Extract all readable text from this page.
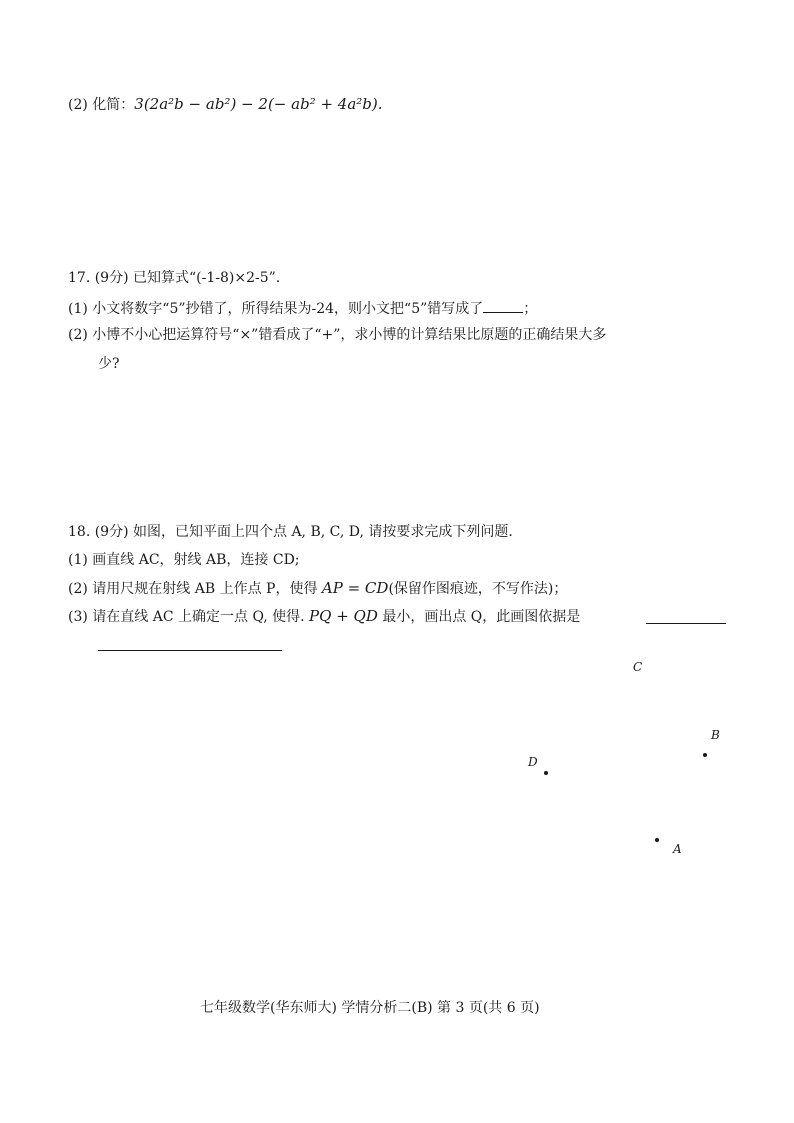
(2) 化简：3(2a²b − ab²) − 2(− ab² + 4a²b).
17. (9分) 已知算式“(-1-8)×2-5”.
(1) 小文将数字“5”抄错了，所得结果为-24，则小文把“5”错写成了	；
(2) 小博不小心把运算符号“×”错看成了“+”，求小博的计算结果比原题的正确结果大多
少?
18. (9分) 如图，已知平面上四个点 A, B, C, D, 请按要求完成下列问题.
(1) 画直线 AC，射线 AB，连接 CD;
(2) 请用尺规在射线 AB 上作点 P，使得 AP = CD(保留作图痕迹，不写作法)；
(3) 请在直线 AC 上确定一点 Q, 使得. PQ + QD 最小，画出点 Q，此画图依据是
C
B
D
A
七年级数学(华东师大) 学情分析二(B) 第 3 页(共 6 页)
